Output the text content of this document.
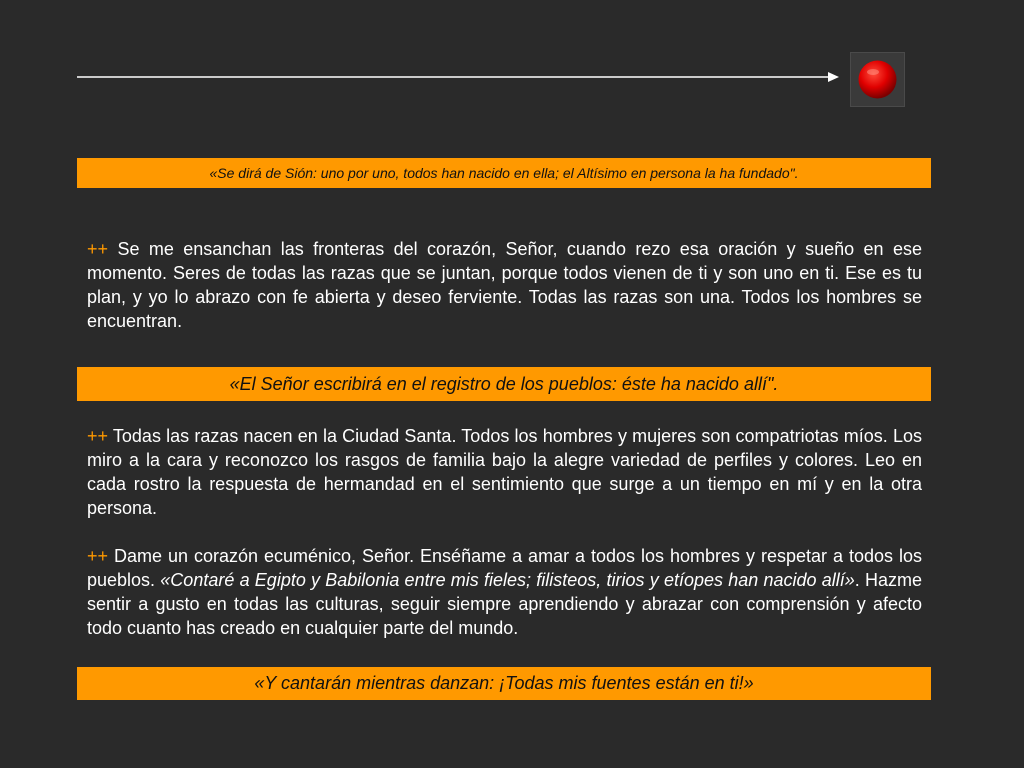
«Se dirá de Sión: uno por uno, todos han nacido en ella; el Altísimo en persona la ha fundado".

++ Se me ensanchan las fronteras del corazón, Señor, cuando rezo esa oración y sueño en ese momento. Seres de todas las razas que se juntan, porque todos vienen de ti y son uno en ti. Ese es tu plan, y yo lo abrazo con fe abierta y deseo ferviente. Todas las razas son una. Todos los hombres se encuentran.

«El Señor escribirá en el registro de los pueblos: éste ha nacido allí".

++ Todas las razas nacen en la Ciudad Santa. Todos los hombres y mujeres son compatriotas míos. Los miro a la cara y reconozco los rasgos de familia bajo la alegre variedad de perfiles y colores. Leo en cada rostro la respuesta de hermandad en el sentimiento que surge a un tiempo en mí y en la otra persona.

++ Dame un corazón ecuménico, Señor. Enséñame a amar a todos los hombres y respetar a todos los pueblos. «Contaré a Egipto y Babilonia entre mis fieles; filisteos, tirios y etíopes han nacido allí». Hazme sentir a gusto en todas las culturas, seguir siempre aprendiendo y abrazar con comprensión y afecto todo cuanto has creado en cualquier parte del mundo.

«Y cantarán mientras danzan: ¡Todas mis fuentes están en ti!»
